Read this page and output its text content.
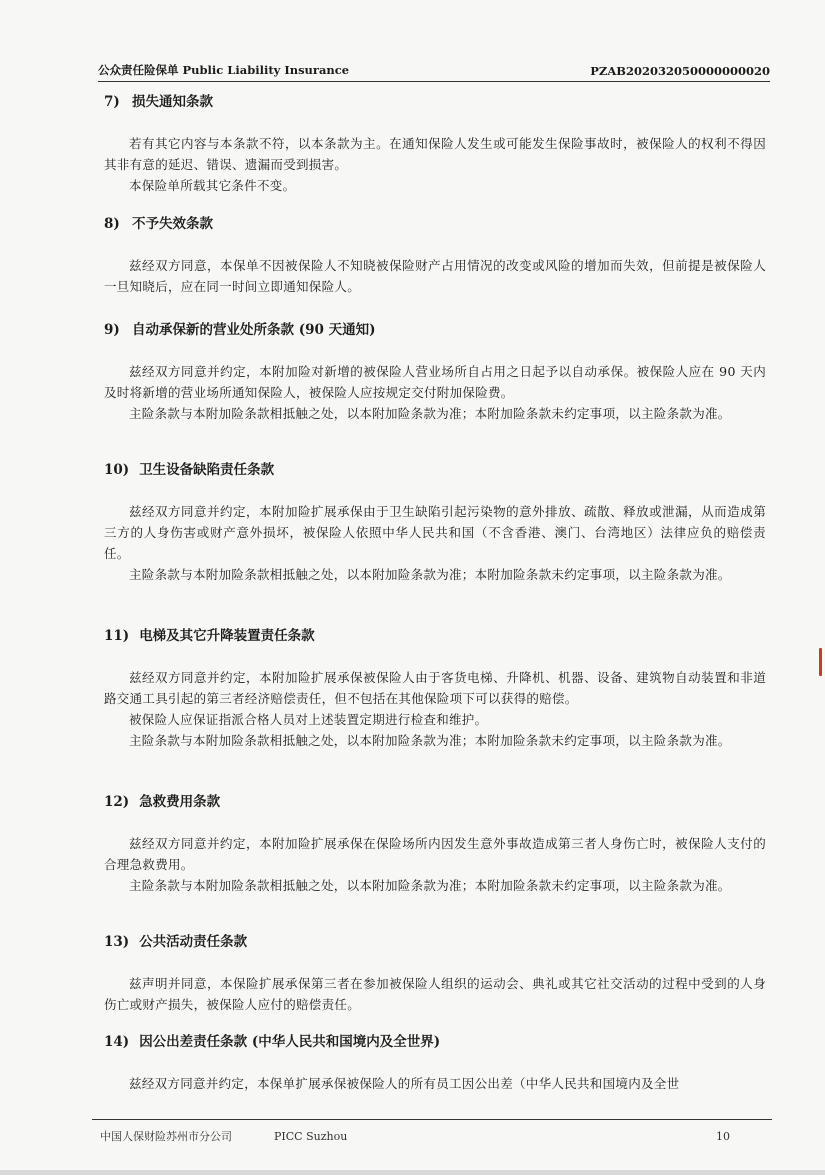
公众责任险保单 Public Liability Insurance	PZAB202032050000000020
7) 损失通知条款

若有其它内容与本条款不符，以本条款为主。在通知保险人发生或可能发生保险事故时，被保险人的权利不得因其非有意的延迟、错误、遗漏而受到损害。

本保险单所载其它条件不变。

8) 不予失效条款

兹经双方同意，本保单不因被保险人不知晓被保险财产占用情况的改变或风险的增加而失效，但前提是被保险人一旦知晓后，应在同一时间立即通知保险人。

9) 自动承保新的营业处所条款 (90 天通知)

兹经双方同意并约定，本附加险对新增的被保险人营业场所自占用之日起予以自动承保。被保险人应在 90 天内及时将新增的营业场所通知保险人，被保险人应按规定交付附加保险费。

主险条款与本附加险条款相抵触之处，以本附加险条款为准；本附加险条款未约定事项，以主险条款为准。

10) 卫生设备缺陷责任条款

兹经双方同意并约定，本附加险扩展承保由于卫生缺陷引起污染物的意外排放、疏散、释放或泄漏，从而造成第三方的人身伤害或财产意外损坏，被保险人依照中华人民共和国（不含香港、澳门、台湾地区）法律应负的赔偿责任。

主险条款与本附加险条款相抵触之处，以本附加险条款为准；本附加险条款未约定事项，以主险条款为准。

11) 电梯及其它升降装置责任条款

兹经双方同意并约定，本附加险扩展承保被保险人由于客货电梯、升降机、机器、设备、建筑物自动装置和非道路交通工具引起的第三者经济赔偿责任，但不包括在其他保险项下可以获得的赔偿。

被保险人应保证指派合格人员对上述装置定期进行检查和维护。

主险条款与本附加险条款相抵触之处，以本附加险条款为准；本附加险条款未约定事项，以主险条款为准。

12) 急救费用条款

兹经双方同意并约定，本附加险扩展承保在保险场所内因发生意外事故造成第三者人身伤亡时，被保险人支付的合理急救费用。

主险条款与本附加险条款相抵触之处，以本附加险条款为准；本附加险条款未约定事项，以主险条款为准。

13) 公共活动责任条款

兹声明并同意，本保险扩展承保第三者在参加被保险人组织的运动会、典礼或其它社交活动的过程中受到的人身伤亡或财产损失，被保险人应付的赔偿责任。

14) 因公出差责任条款 (中华人民共和国境内及全世界)

兹经双方同意并约定，本保单扩展承保被保险人的所有员工因公出差（中华人民共和国境内及全世

中国人保财险苏州市分公司	PICC Suzhou	10
